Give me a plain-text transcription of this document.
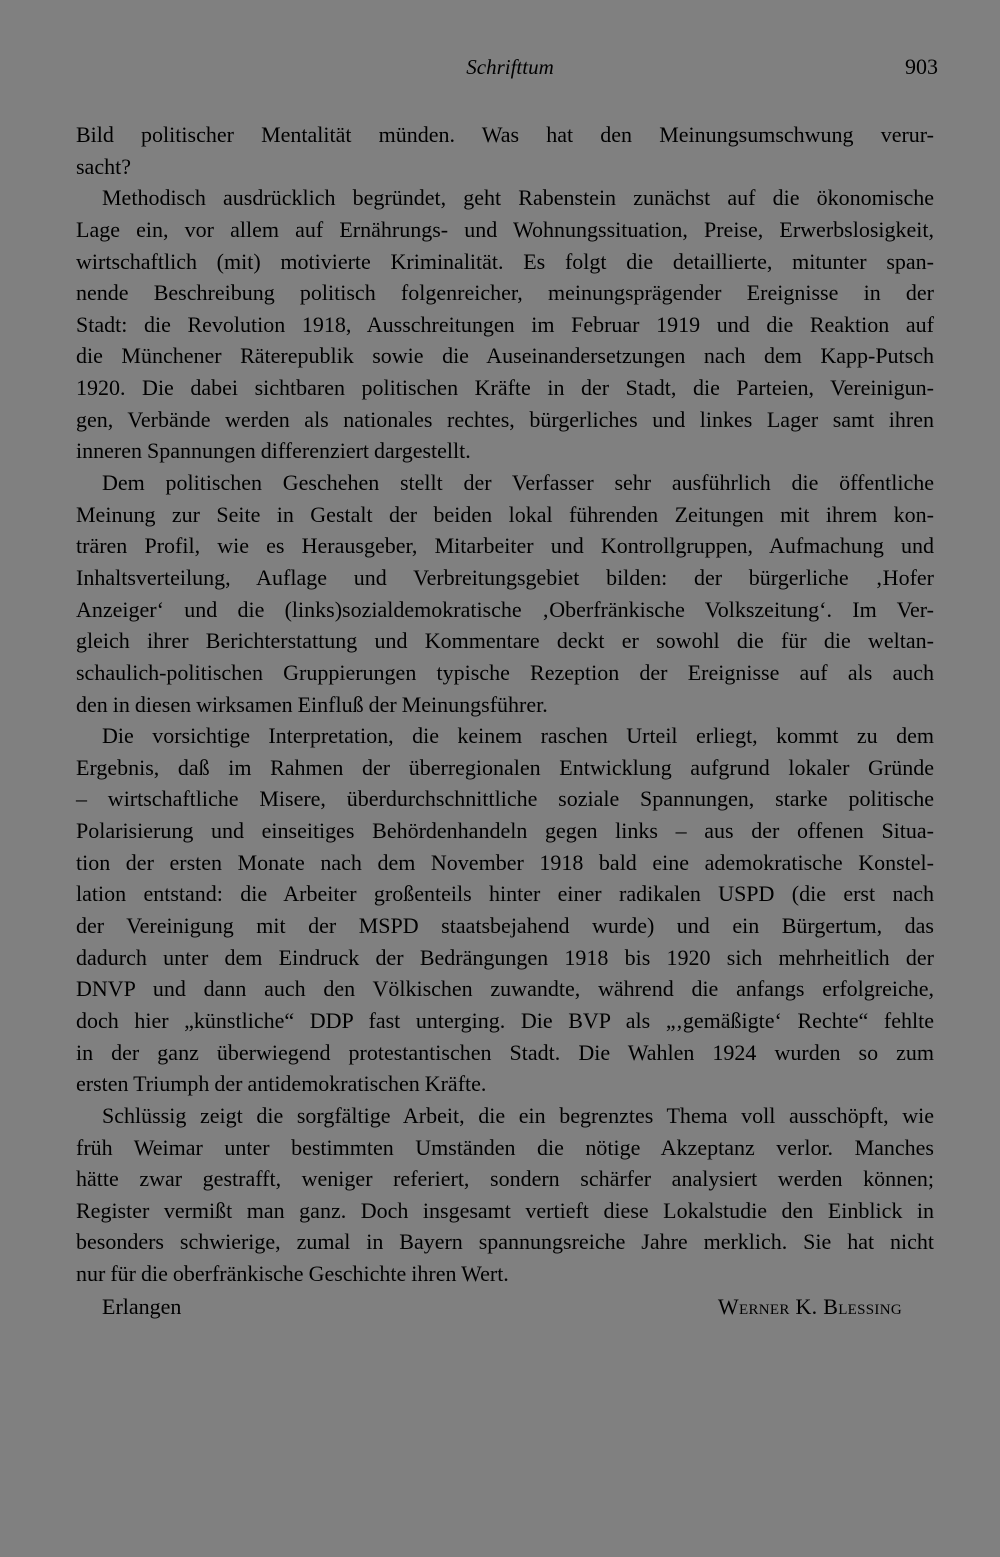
Schrifttum	903

Bild politischer Mentalität münden. Was hat den Meinungsumschwung verur-
sacht?

Methodisch ausdrücklich begründet, geht Rabenstein zunächst auf die ökonomische
Lage ein, vor allem auf Ernährungs- und Wohnungssituation, Preise, Erwerbslosigkeit,
wirtschaftlich (mit) motivierte Kriminalität. Es folgt die detaillierte, mitunter span-
nende Beschreibung politisch folgenreicher, meinungsprägender Ereignisse in der
Stadt: die Revolution 1918, Ausschreitungen im Februar 1919 und die Reaktion auf
die Münchener Räterepublik sowie die Auseinandersetzungen nach dem Kapp-Putsch
1920. Die dabei sichtbaren politischen Kräfte in der Stadt, die Parteien, Vereinigun-
gen, Verbände werden als nationales rechtes, bürgerliches und linkes Lager samt ihren
inneren Spannungen differenziert dargestellt.

Dem politischen Geschehen stellt der Verfasser sehr ausführlich die öffentliche
Meinung zur Seite in Gestalt der beiden lokal führenden Zeitungen mit ihrem kon-
trären Profil, wie es Herausgeber, Mitarbeiter und Kontrollgruppen, Aufmachung und
Inhaltsverteilung, Auflage und Verbreitungsgebiet bilden: der bürgerliche ‚Hofer
Anzeiger‘ und die (links)sozialdemokratische ‚Oberfränkische Volkszeitung‘. Im Ver-
gleich ihrer Berichterstattung und Kommentare deckt er sowohl die für die weltan-
schaulich-politischen Gruppierungen typische Rezeption der Ereignisse auf als auch
den in diesen wirksamen Einfluß der Meinungsführer.

Die vorsichtige Interpretation, die keinem raschen Urteil erliegt, kommt zu dem
Ergebnis, daß im Rahmen der überregionalen Entwicklung aufgrund lokaler Gründe
– wirtschaftliche Misere, überdurchschnittliche soziale Spannungen, starke politische
Polarisierung und einseitiges Behördenhandeln gegen links – aus der offenen Situa-
tion der ersten Monate nach dem November 1918 bald eine ademokratische Konstel-
lation entstand: die Arbeiter großenteils hinter einer radikalen USPD (die erst nach
der Vereinigung mit der MSPD staatsbejahend wurde) und ein Bürgertum, das
dadurch unter dem Eindruck der Bedrängungen 1918 bis 1920 sich mehrheitlich der
DNVP und dann auch den Völkischen zuwandte, während die anfangs erfolgreiche,
doch hier „künstliche“ DDP fast unterging. Die BVP als „‚gemäßigte‘ Rechte“ fehlte
in der ganz überwiegend protestantischen Stadt. Die Wahlen 1924 wurden so zum
ersten Triumph der antidemokratischen Kräfte.

Schlüssig zeigt die sorgfältige Arbeit, die ein begrenztes Thema voll ausschöpft, wie
früh Weimar unter bestimmten Umständen die nötige Akzeptanz verlor. Manches
hätte zwar gestrafft, weniger referiert, sondern schärfer analysiert werden können;
Register vermißt man ganz. Doch insgesamt vertieft diese Lokalstudie den Einblick in
besonders schwierige, zumal in Bayern spannungsreiche Jahre merklich. Sie hat nicht
nur für die oberfränkische Geschichte ihren Wert.

Erlangen	Werner K. Blessing
